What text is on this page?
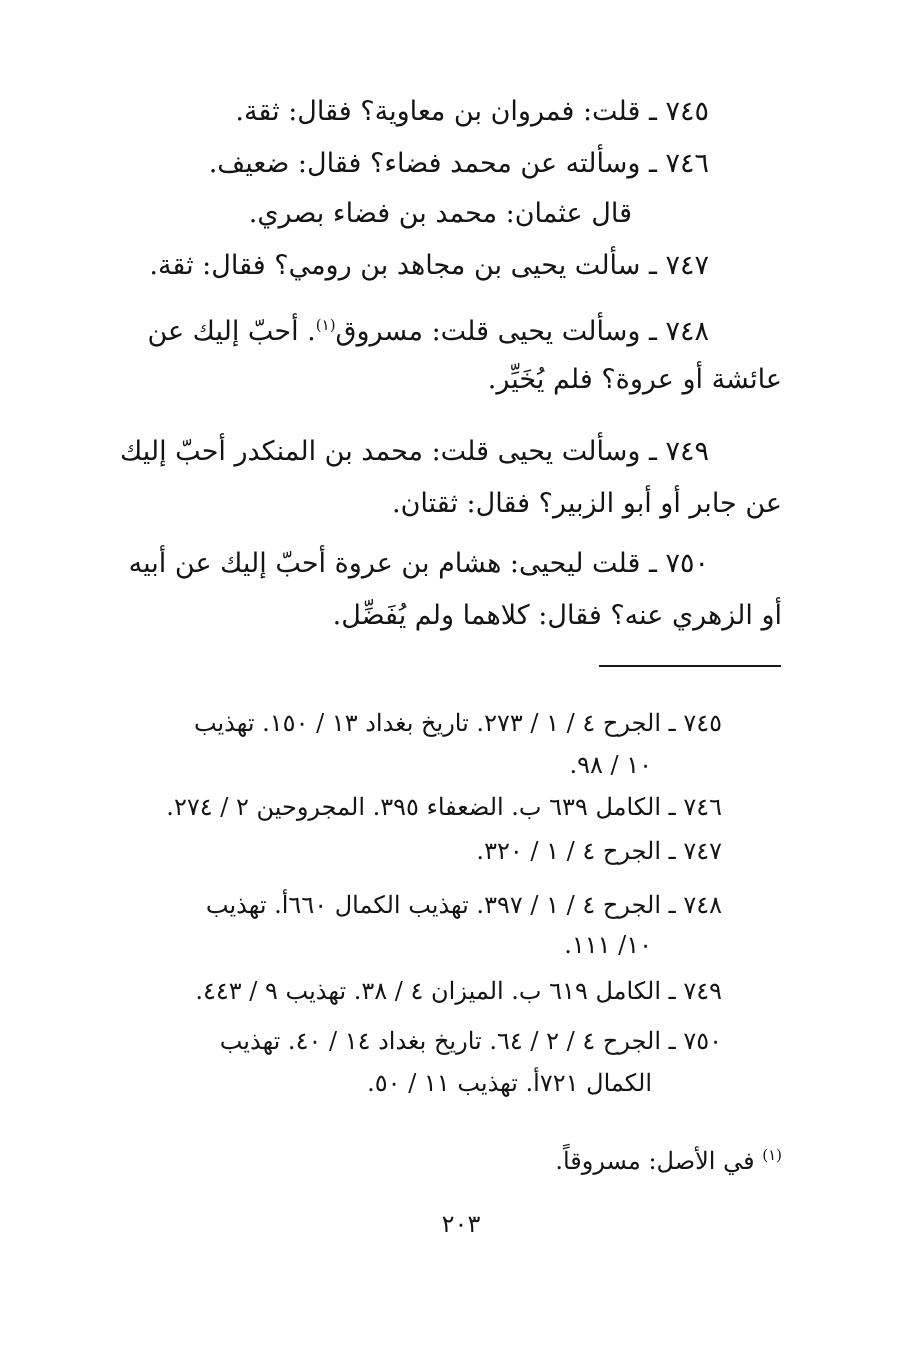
٧٤٥ ـ قلت: فمروان بن معاوية؟ فقال: ثقة.
٧٤٦ ـ وسألته عن محمد فضاء؟ فقال: ضعيف.
قال عثمان: محمد بن فضاء بصري.
٧٤٧ ـ سألت يحيى بن مجاهد بن رومي؟ فقال: ثقة.
٧٤٨ ـ وسألت يحيى قلت: مسروق$^{(١)}$. أحبّ إليك عن
عائشة أو عروة؟ فلم يُخَيِّر.
٧٤٩ ـ وسألت يحيى قلت: محمد بن المنكدر أحبّ إليك
عن جابر أو أبو الزبير؟ فقال: ثقتان.
٧٥٠ ـ قلت ليحيى: هشام بن عروة أحبّ إليك عن أبيه
أو الزهري عنه؟ فقال: كلاهما ولم يُفَضِّل.
٧٤٥ ـ الجرح ٤ / ١ / ٢٧٣. تاريخ بغداد ١٣ / ١٥٠. تهذيب
١٠ / ٩٨.
٧٤٦ ـ الكامل ٦٣٩ ب. الضعفاء ٣٩٥. المجروحين ٢ / ٢٧٤.
٧٤٧ ـ الجرح ٤ / ١ / ٣٢٠.
٧٤٨ ـ الجرح ٤ / ١ / ٣٩٧. تهذيب الكمال ٦٦٠أ. تهذيب
١٠/ ١١١.
٧٤٩ ـ الكامل ٦١٩ ب. الميزان ٤ / ٣٨. تهذيب ٩ / ٤٤٣.
٧٥٠ ـ الجرح ٤ / ٢ / ٦٤. تاريخ بغداد ١٤ / ٤٠. تهذيب
الكمال ٧٢١أ. تهذيب ١١ / ٥٠.
$^{(١)}$ في الأصل: مسروقاً.
٢٠٣
